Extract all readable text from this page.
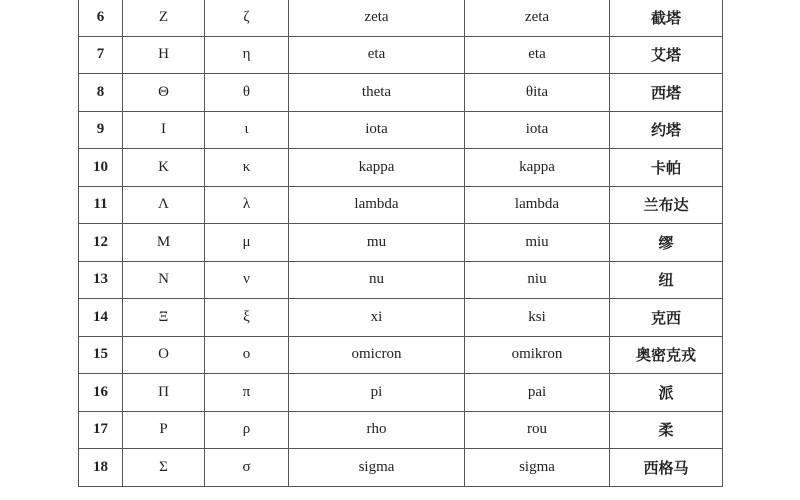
6	Ζ	ζ	zeta	zeta	截塔
7	Η	η	eta	eta	艾塔
8	Θ	θ	theta	θita	西塔
9	Ι	ι	iota	iota	约塔
10	Κ	κ	kappa	kappa	卡帕
11	Λ	λ	lambda	lambda	兰布达
12	Μ	μ	mu	miu	缪
13	Ν	ν	nu	niu	纽
14	Ξ	ξ	xi	ksi	克西
15	Ο	ο	omicron	omikron	奥密克戎
16	Π	π	pi	pai	派
17	Ρ	ρ	rho	rou	柔
18	Σ	σ	sigma	sigma	西格马
